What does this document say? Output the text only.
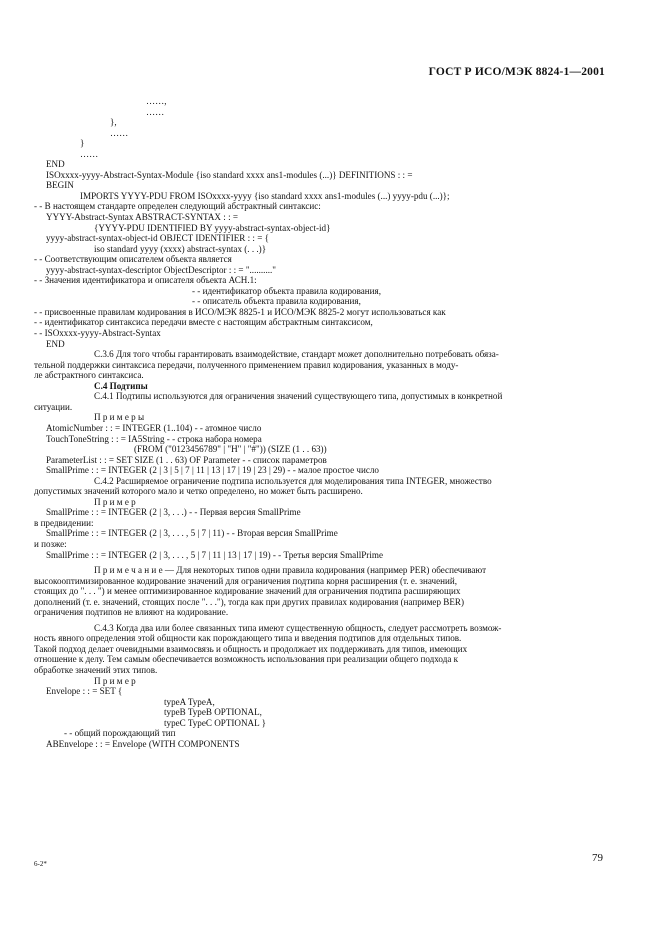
ГОСТ Р ИСО/МЭК 8824-1—2001
……,
……
},
……
}
……
END
ISOxxxx-yyyy-Abstract-Syntax-Module {iso standard xxxx ans1-modules (...)} DEFINITIONS : : =
BEGIN
IMPORTS YYYY-PDU FROM ISOxxxx-yyyy {iso standard xxxx ans1-modules (...) yyyy-pdu (...)};
- - В настоящем стандарте определен следующий абстрактный синтаксис:
YYYY-Abstract-Syntax ABSTRACT-SYNTAX : : =
{YYYY-PDU IDENTIFIED BY yyyy-abstract-syntax-object-id}
yyyy-abstract-syntax-object-id OBJECT IDENTIFIER : : = {
iso standard yyyy (xxxx) abstract-syntax (. . .)}
- - Соответствующим описателем объекта является
yyyy-abstract-syntax-descriptor ObjectDescriptor : : = ".........."
- - Значения идентификатора и описателя объекта АСН.1:
- - идентификатор объекта правила кодирования,
- - описатель объекта правила кодирования,
- - присвоенные правилам кодирования в ИСО/МЭК 8825-1 и ИСО/МЭК 8825-2 могут использоваться как
- - идентификатор синтаксиса передачи вместе с настоящим абстрактным синтаксисом,
- - ISOxxxx-yyyy-Abstract-Syntax
END
С.3.6 Для того чтобы гарантировать взаимодействие, стандарт может дополнительно потребовать обяза-
тельной поддержки синтаксиса передачи, полученного применением правил кодирования, указанных в моду-
ле абстрактного синтаксиса.
С.4 Подтипы
С.4.1 Подтипы используются для ограничения значений существующего типа, допустимых в конкретной
ситуации.
П р и м е р ы
AtomicNumber : : = INTEGER (1..104) - - атомное число
TouchToneString : : = IA5String - - строка набора номера
(FROM ("0123456789" | "H" | "#")) (SIZE (1 . . 63))
ParameterList : : = SET SIZE (1 . . 63) OF Parameter - - список параметров
SmallPrime : : = INTEGER (2 | 3 | 5 | 7 | 11 | 13 | 17 | 19 | 23 | 29) - - малое простое число
С.4.2 Расширяемое ограничение подтипа используется для моделирования типа INTEGER, множество
допустимых значений которого мало и четко определено, но может быть расширено.
П р и м е р
SmallPrime : : = INTEGER (2 | 3, . . .) - - Первая версия SmallPrime
в предвидении:
SmallPrime : : = INTEGER (2 | 3, . . . , 5 | 7 | 11) - - Вторая версия SmallPrime
и позже:
SmallPrime : : = INTEGER (2 | 3, . . . , 5 | 7 | 11 | 13 | 17 | 19) - - Третья версия SmallPrime
П р и м е ч а н и е — Для некоторых типов одни правила кодирования (например PER) обеспечивают
высокооптимизированное кодирование значений для ограничения подтипа корня расширения (т. е. значений,
стоящих до ". . . ") и менее оптимизированное кодирование значений для ограничения подтипа расширяющих
дополнений (т. е. значений, стоящих после ". . ."), тогда как при других правилах кодирования (например BER)
ограничения подтипов не влияют на кодирование.
С.4.3 Когда два или более связанных типа имеют существенную общность, следует рассмотреть возмож-
ность явного определения этой общности как порождающего типа и введения подтипов для отдельных типов.
Такой подход делает очевидными взаимосвязь и общность и продолжает их поддерживать для типов, имеющих
отношение к делу. Тем самым обеспечивается возможность использования при реализации общего подхода к
обработке значений этих типов.
П р и м е р
Envelope : : = SET {
typeA TypeA,
typeB TypeB OPTIONAL,
typeC TypeC OPTIONAL }
- - общий порождающий тип
ABEnvelope : : = Envelope (WITH COMPONENTS
6-2*	79
